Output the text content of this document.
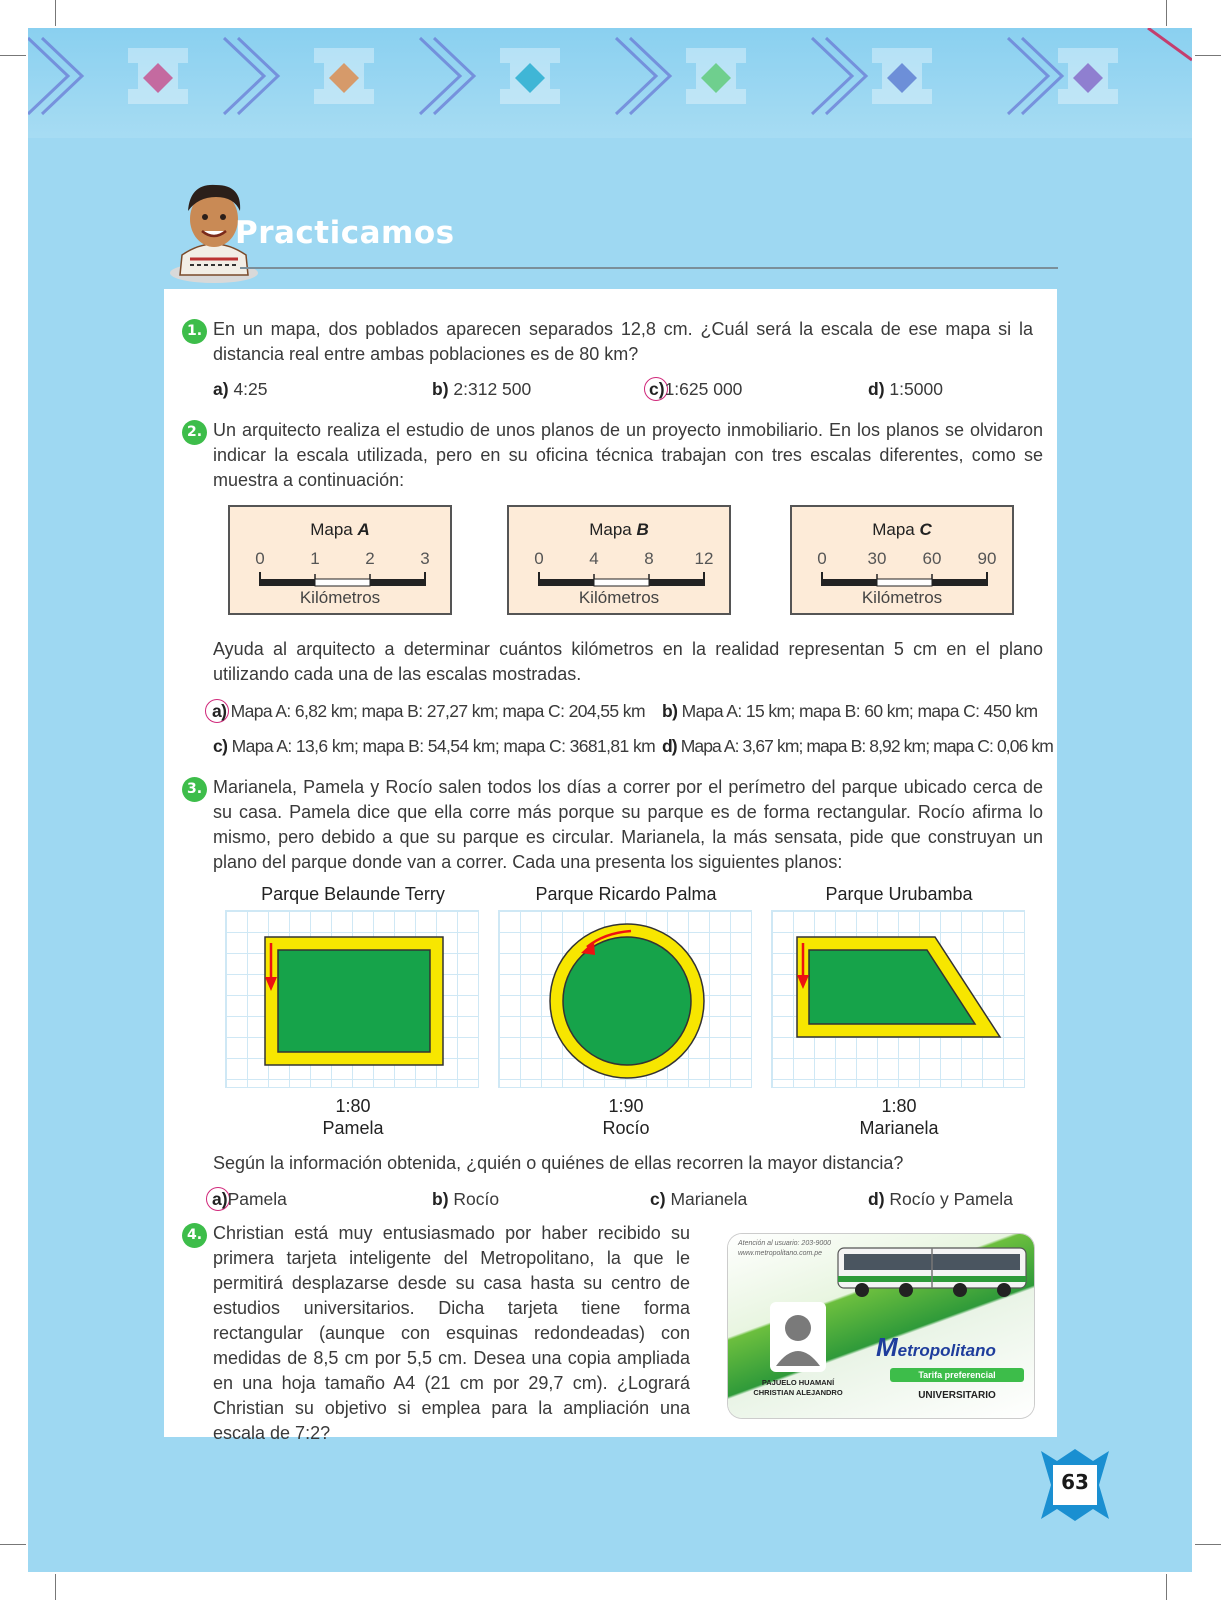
Practicamos
1. En un mapa, dos poblados aparecen separados 12,8 cm. ¿Cuál será la escala de ese mapa si la distancia real entre ambas poblaciones es de 80 km?
a) 4:25	b) 2:312 500	c)1:625 000	d) 1:5000
2. Un arquitecto realiza el estudio de unos planos de un proyecto inmobiliario. En los planos se olvidaron indicar la escala utilizada, pero en su oficina técnica trabajan con tres escalas diferentes, como se muestra a continuación:
Mapa A
0	1	2	3
Kilómetros
Mapa B
0	4	8	12
Kilómetros
Mapa C
0	30	60	90
Kilómetros
Ayuda al arquitecto a determinar cuántos kilómetros en la realidad representan 5 cm en el plano utilizando cada una de las escalas mostradas.
a) Mapa A: 6,82 km; mapa B: 27,27 km; mapa C: 204,55 km b) Mapa A: 15 km; mapa B: 60 km; mapa C: 450 km
c) Mapa A: 13,6 km; mapa B: 54,54 km; mapa C: 3681,81 km d) Mapa A: 3,67 km; mapa B: 8,92 km; mapa C: 0,06 km
3. Marianela, Pamela y Rocío salen todos los días a correr por el perímetro del parque ubicado cerca de su casa. Pamela dice que ella corre más porque su parque es de forma rectangular. Rocío afirma lo mismo, pero debido a que su parque es circular. Marianela, la más sensata, pide que construyan un plano del parque donde van a correr. Cada una presenta los siguientes planos:
Parque Belaunde Terry	Parque Ricardo Palma	Parque Urubamba
1:80
Pamela
1:90
Rocío
1:80
Marianela
Según la información obtenida, ¿quién o quiénes de ellas recorren la mayor distancia?
a)Pamela	b) Rocío	c) Marianela	d) Rocío y Pamela
4. Christian está muy entusiasmado por haber recibido su primera tarjeta inteligente del Metropolitano, la que le permitirá desplazarse desde su casa hasta su centro de estudios universitarios. Dicha tarjeta tiene forma rectangular (aunque con esquinas redondeadas) con medidas de 8,5 cm por 5,5 cm. Desea una copia ampliada en una hoja tamaño A4 (21 cm por 29,7 cm). ¿Logrará Christian su objetivo si emplea para la ampliación una escala de 7:2?
Atención al usuario: 203-9000
www.metropolitano.com.pe
PAJUELO HUAMANÍ
CHRISTIAN ALEJANDRO
Metropolitano
Tarifa preferencial
UNIVERSITARIO
63
